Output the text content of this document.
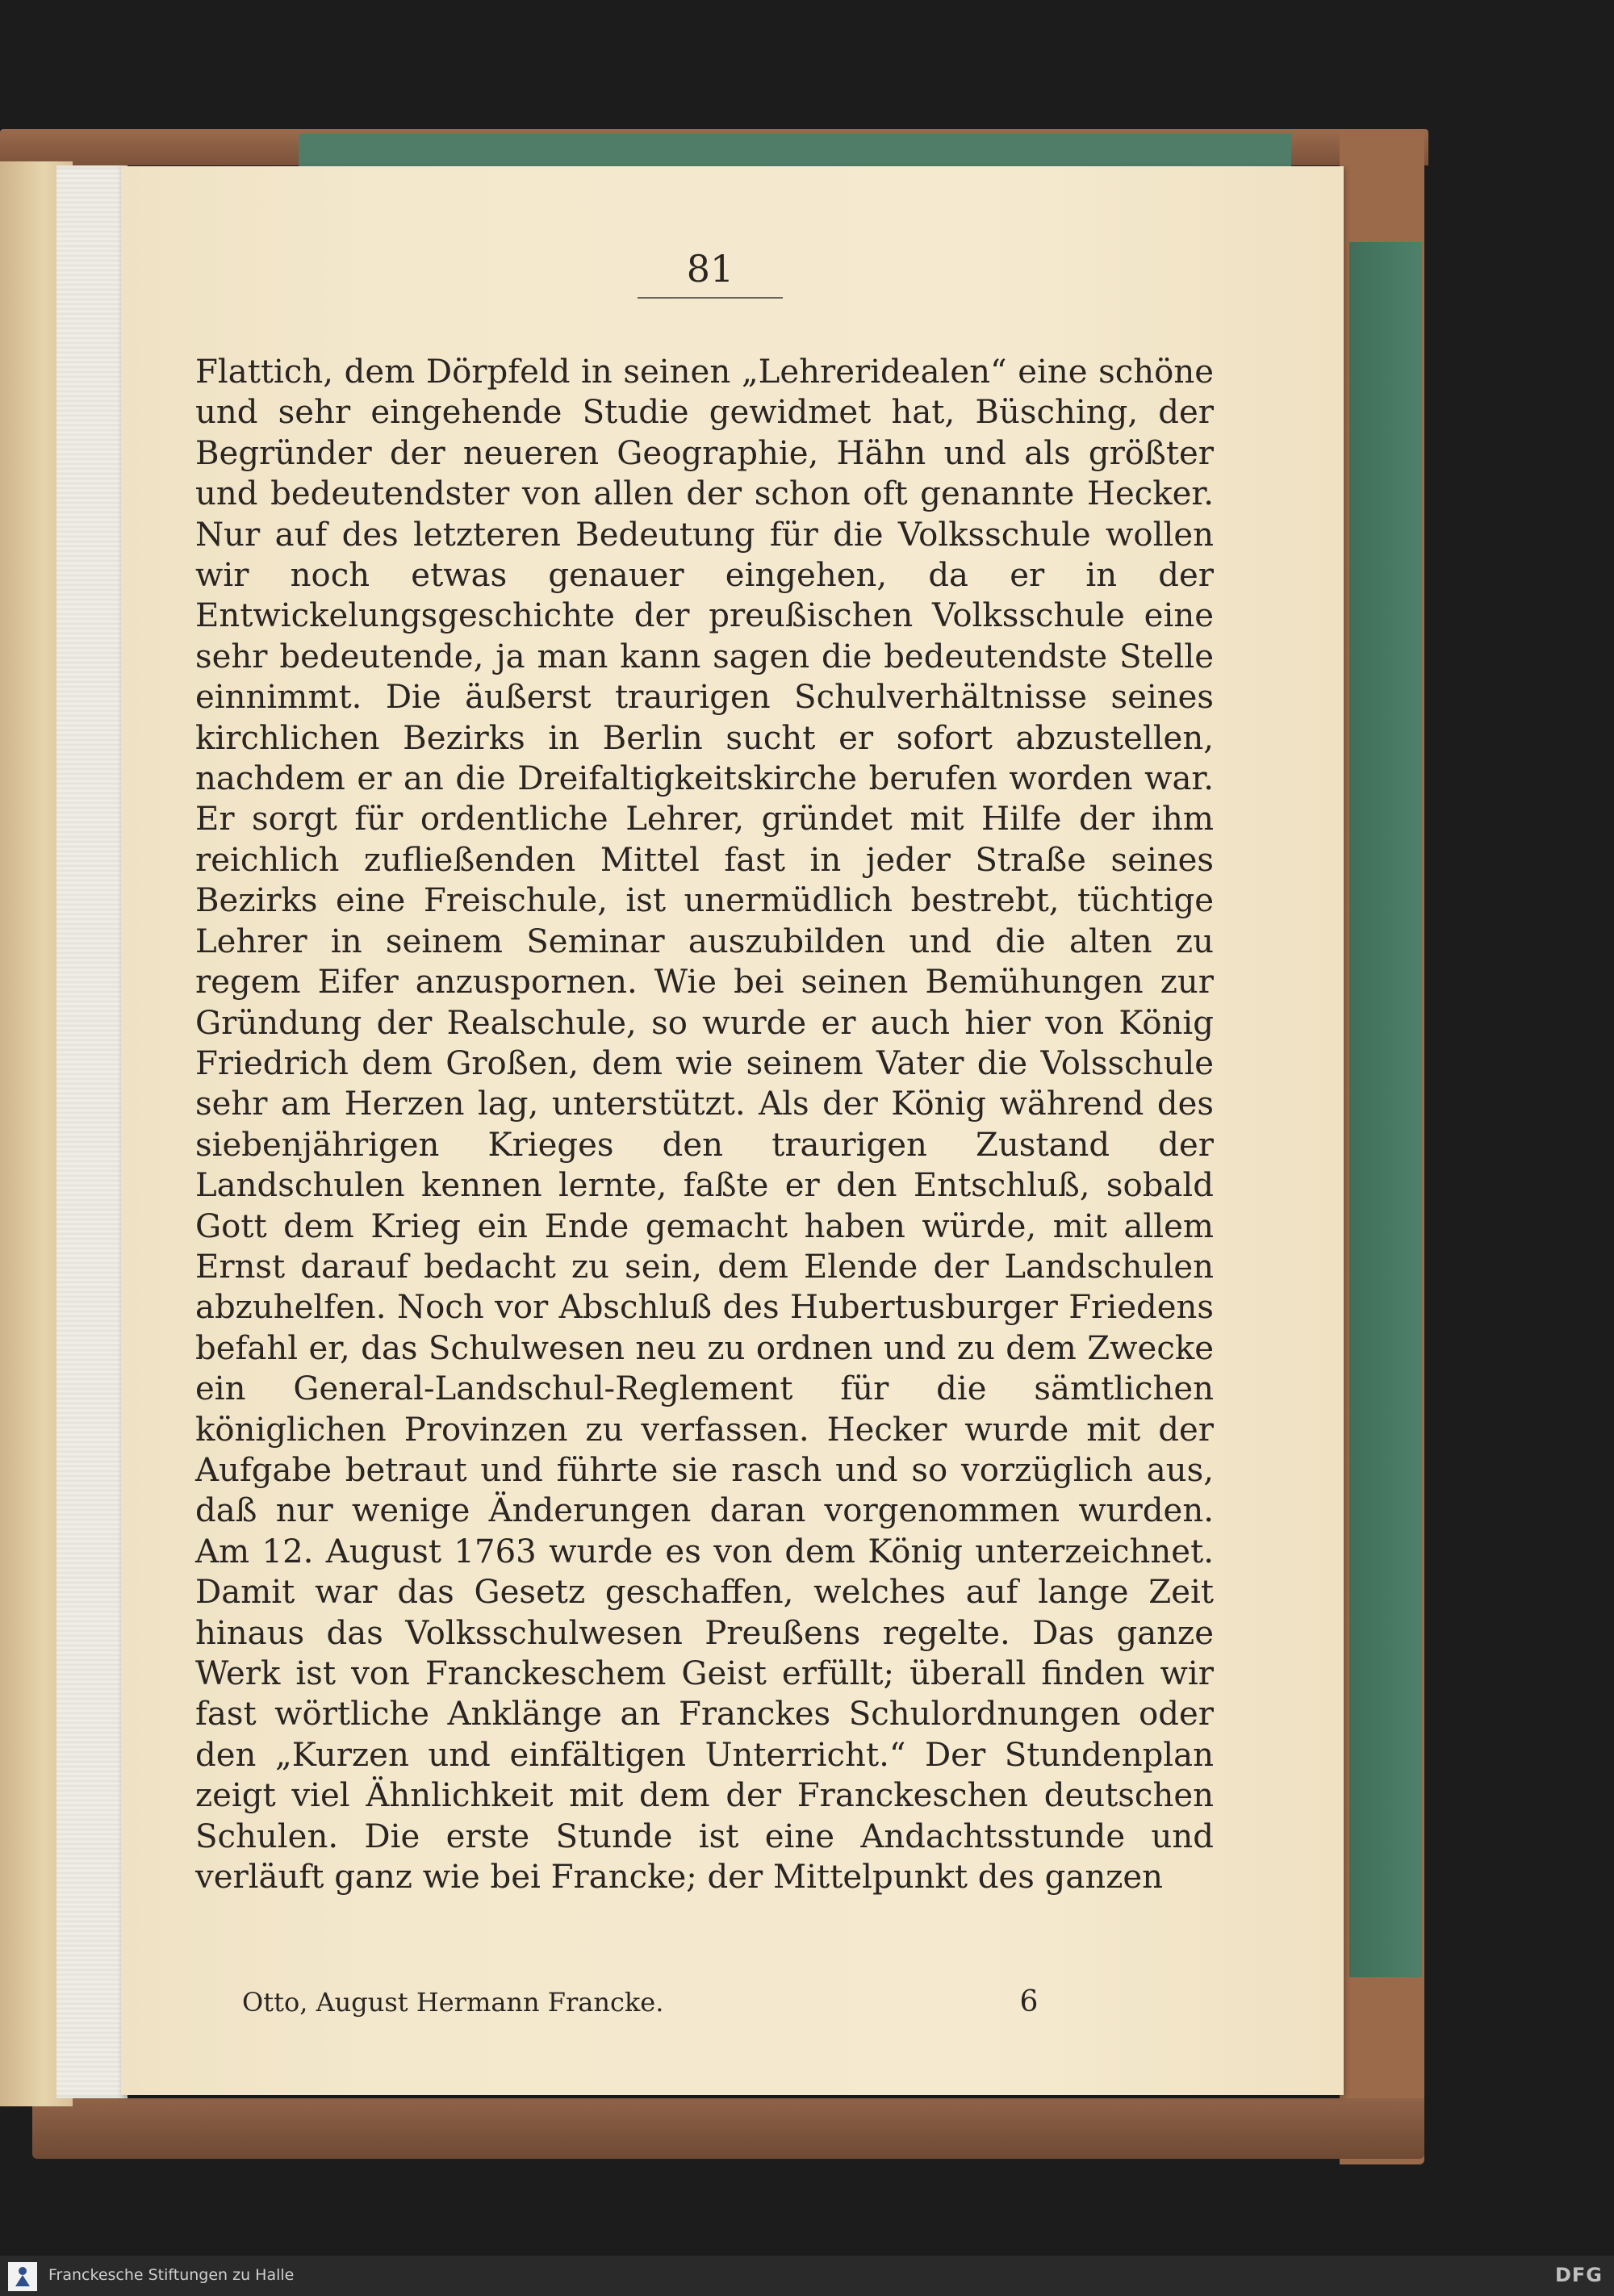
81

Flattich, dem Dörpfeld in seinen „Lehreridealen“ eine schöne und sehr eingehende Studie gewidmet hat, Büsching, der Begründer der neueren Geographie, Hähn und als größter und bedeutendster von allen der schon oft genannte Hecker. Nur auf des letzteren Bedeutung für die Volksschule wollen wir noch etwas genauer eingehen, da er in der Entwickelungsgeschichte der preußischen Volksschule eine sehr bedeutende, ja man kann sagen die bedeutendste Stelle einnimmt. Die äußerst traurigen Schulverhältnisse seines kirchlichen Bezirks in Berlin sucht er sofort abzustellen, nachdem er an die Dreifaltigkeitskirche berufen worden war. Er sorgt für ordentliche Lehrer, gründet mit Hilfe der ihm reichlich zufließenden Mittel fast in jeder Straße seines Bezirks eine Freischule, ist unermüdlich bestrebt, tüchtige Lehrer in seinem Seminar auszubilden und die alten zu regem Eifer anzuspornen. Wie bei seinen Bemühungen zur Gründung der Realschule, so wurde er auch hier von König Friedrich dem Großen, dem wie seinem Vater die Volsschule sehr am Herzen lag, unterstützt. Als der König während des siebenjährigen Krieges den traurigen Zustand der Landschulen kennen lernte, faßte er den Entschluß, sobald Gott dem Krieg ein Ende gemacht haben würde, mit allem Ernst darauf bedacht zu sein, dem Elende der Landschulen abzuhelfen. Noch vor Abschluß des Hubertusburger Friedens befahl er, das Schulwesen neu zu ordnen und zu dem Zwecke ein General-Landschul-Reglement für die sämtlichen königlichen Provinzen zu verfassen. Hecker wurde mit der Aufgabe betraut und führte sie rasch und so vorzüglich aus, daß nur wenige Änderungen daran vorgenommen wurden. Am 12. August 1763 wurde es von dem König unterzeichnet. Damit war das Gesetz geschaffen, welches auf lange Zeit hinaus das Volksschulwesen Preußens regelte. Das ganze Werk ist von Franckeschem Geist erfüllt; überall finden wir fast wörtliche Anklänge an Franckes Schulordnungen oder den „Kurzen und einfältigen Unterricht.“ Der Stundenplan zeigt viel Ähnlichkeit mit dem der Franckeschen deutschen Schulen. Die erste Stunde ist eine Andachtsstunde und verläuft ganz wie bei Francke; der Mittelpunkt des ganzen

Otto, August Hermann Francke.	6
Franckesche Stiftungen zu Halle	DFG
